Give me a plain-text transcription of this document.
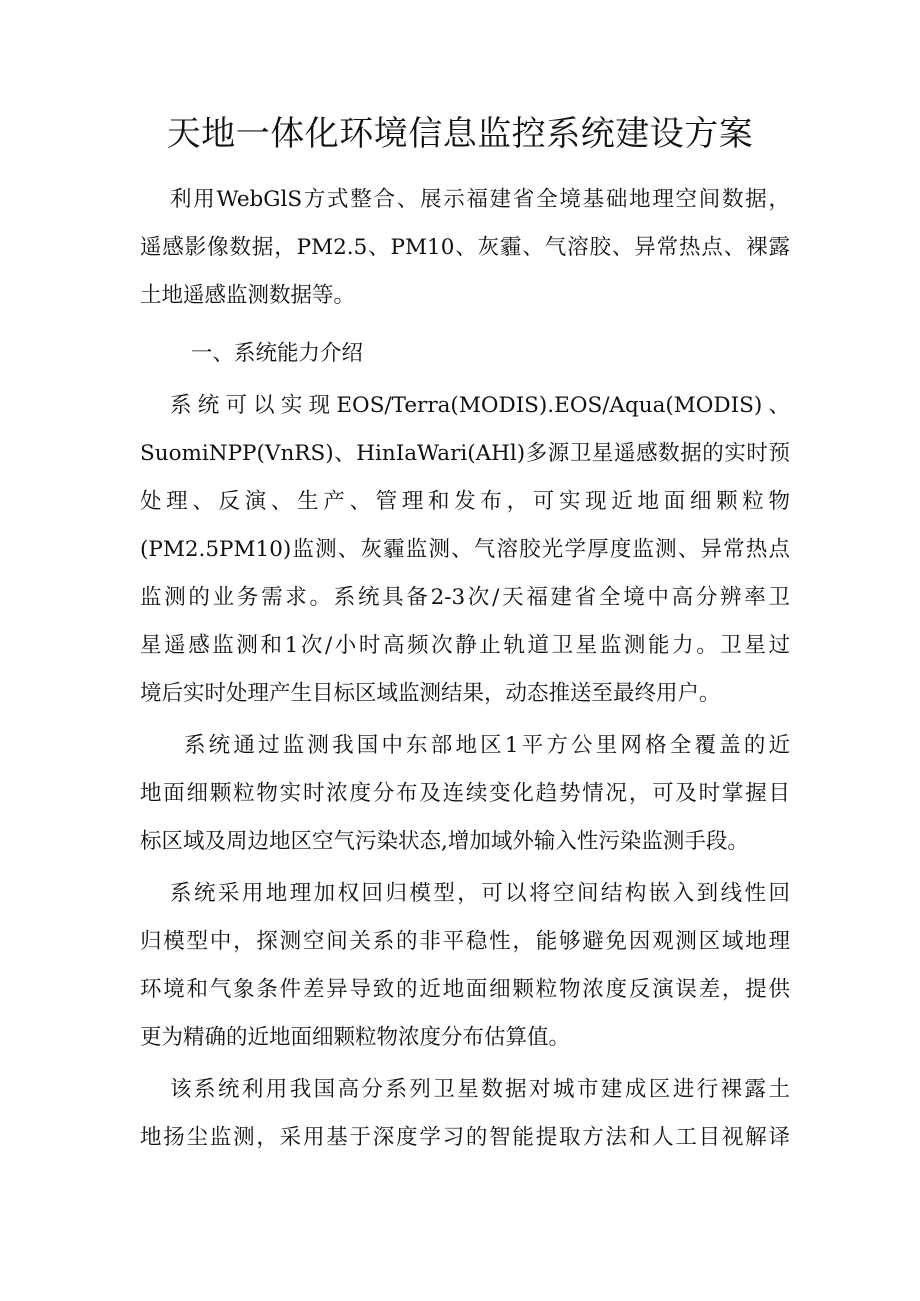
天地一体化环境信息监控系统建设方案

利用WebGlS方式整合、展示福建省全境基础地理空间数据，
遥感影像数据，PM2.5、PM10、灰霾、气溶胶、异常热点、裸露
土地遥感监测数据等。

一、系统能力介绍

系统可以实现EOS/Terra(MODIS).EOS/Aqua(MODIS)、
SuomiNPP(VnRS)、HinIaWari(AHl)多源卫星遥感数据的实时预
处理、反演、生产、管理和发布，可实现近地面细颗粒物
(PM2.5PM10)监测、灰霾监测、气溶胶光学厚度监测、异常热点
监测的业务需求。系统具备2-3次/天福建省全境中高分辨率卫
星遥感监测和1次/小时高频次静止轨道卫星监测能力。卫星过
境后实时处理产生目标区域监测结果，动态推送至最终用户。

系统通过监测我国中东部地区1平方公里网格全覆盖的近
地面细颗粒物实时浓度分布及连续变化趋势情况，可及时掌握目
标区域及周边地区空气污染状态,增加域外输入性污染监测手段。

系统采用地理加权回归模型，可以将空间结构嵌入到线性回
归模型中，探测空间关系的非平稳性，能够避免因观测区域地理
环境和气象条件差异导致的近地面细颗粒物浓度反演误差，提供
更为精确的近地面细颗粒物浓度分布估算值。

该系统利用我国高分系列卫星数据对城市建成区进行裸露土
地扬尘监测，采用基于深度学习的智能提取方法和人工目视解译
